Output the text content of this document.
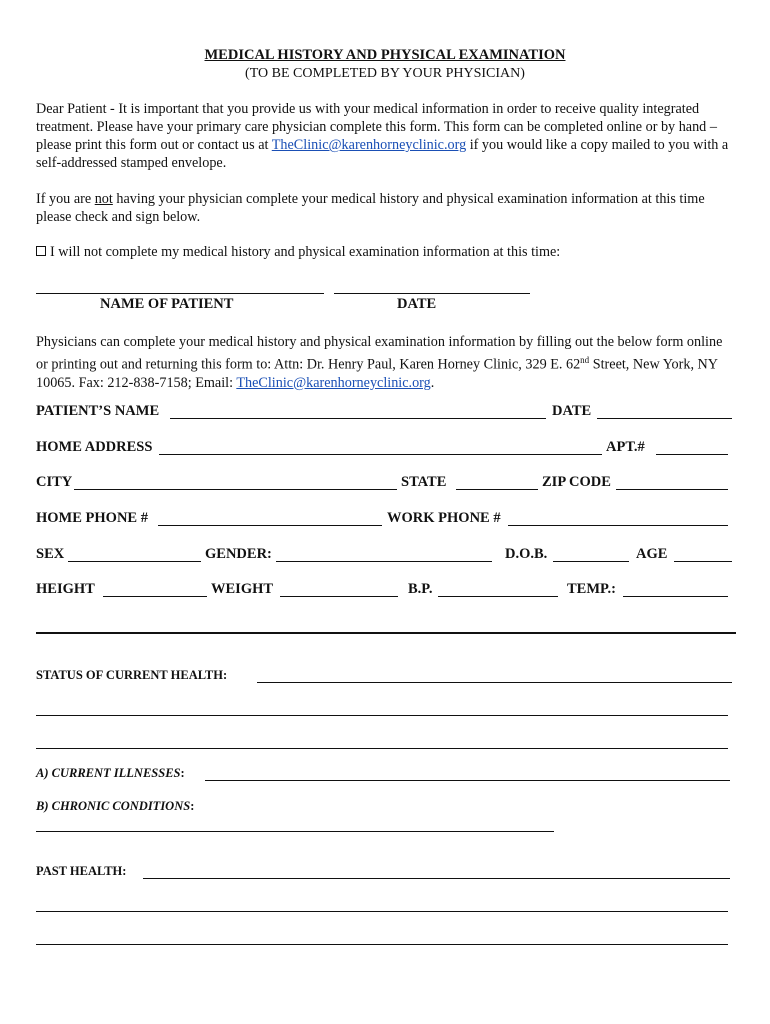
MEDICAL HISTORY AND PHYSICAL EXAMINATION
(TO BE COMPLETED BY YOUR PHYSICIAN)
Dear Patient - It is important that you provide us with your medical information in order to receive quality integrated treatment. Please have your primary care physician complete this form. This form can be completed online or by hand – please print this form out or contact us at TheClinic@karenhorneyclinic.org if you would like a copy mailed to you with a self-addressed stamped envelope.
If you are not having your physician complete your medical history and physical examination information at this time please check and sign below.
I will not complete my medical history and physical examination information at this time:
NAME OF PATIENT	DATE
Physicians can complete your medical history and physical examination information by filling out the below form online or printing out and returning this form to: Attn: Dr. Henry Paul, Karen Horney Clinic, 329 E. 62nd Street, New York, NY 10065. Fax: 212-838-7158; Email: TheClinic@karenhorneyclinic.org.
PATIENT’S NAME	DATE
HOME ADDRESS	APT.#
CITY	STATE	ZIP CODE
HOME PHONE #	WORK PHONE #
SEX	GENDER:	D.O.B.	AGE
HEIGHT	WEIGHT	B.P.	TEMP.:
STATUS OF CURRENT HEALTH:
A) CURRENT ILLNESSES:
B) CHRONIC CONDITIONS:
PAST HEALTH:
